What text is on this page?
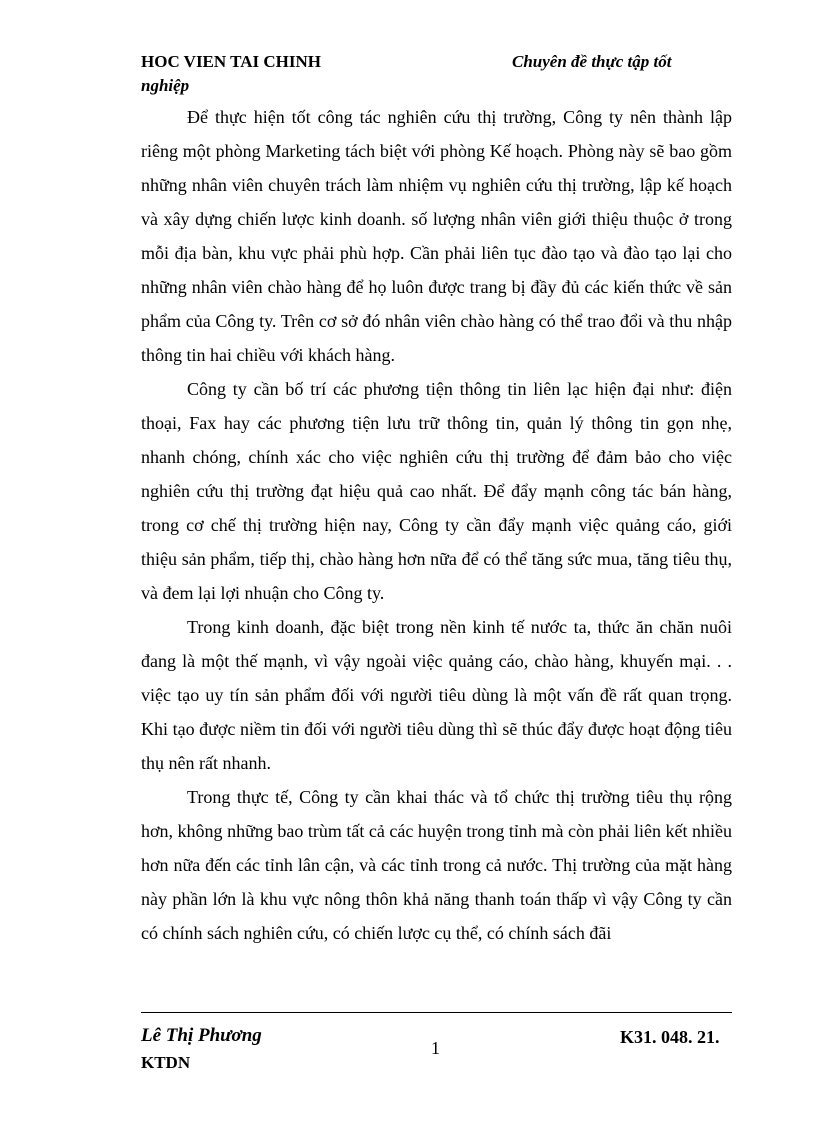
HOC VIEN TAI CHINH	Chuyên đề thực tập tốt
nghiệp

Để thực hiện tốt công tác nghiên cứu thị trường, Công ty nên thành lập riêng một phòng Marketing tách biệt với phòng Kế hoạch. Phòng này sẽ bao gồm những nhân viên chuyên trách làm nhiệm vụ nghiên cứu thị trường, lập kế hoạch và xây dựng chiến lược kinh doanh. số lượng nhân viên giới thiệu thuộc ở trong mỗi địa bàn, khu vực phải phù hợp. Cần phải liên tục đào tạo và đào tạo lại cho những nhân viên chào hàng để họ luôn được trang bị đầy đủ các kiến thức về sản phẩm của Công ty. Trên cơ sở đó nhân viên chào hàng có thể trao đổi và thu nhập thông tin hai chiều với khách hàng.

Công ty cần bố trí các phương tiện thông tin liên lạc hiện đại như: điện thoại, Fax hay các phương tiện lưu trữ thông tin, quản lý thông tin gọn nhẹ, nhanh chóng, chính xác cho việc nghiên cứu thị trường để đảm bảo cho việc nghiên cứu thị trường đạt hiệu quả cao nhất. Để đẩy mạnh công tác bán hàng, trong cơ chế thị trường hiện nay, Công ty cần đẩy mạnh việc quảng cáo, giới thiệu sản phẩm, tiếp thị, chào hàng hơn nữa để có thể tăng sức mua, tăng tiêu thụ, và đem lại lợi nhuận cho Công ty.

Trong kinh doanh, đặc biệt trong nền kinh tế nước ta, thức ăn chăn nuôi đang là một thế mạnh, vì vậy ngoài việc quảng cáo, chào hàng, khuyến mại. . . việc tạo uy tín sản phẩm đối với người tiêu dùng là một vấn đề rất quan trọng. Khi tạo được niềm tin đối với người tiêu dùng thì sẽ thúc đẩy được hoạt động tiêu thụ nên rất nhanh.

Trong thực tế, Công ty cần khai thác và tổ chức thị trường tiêu thụ rộng hơn, không những bao trùm tất cả các huyện trong tỉnh mà còn phải liên kết nhiều hơn nữa đến các tỉnh lân cận, và các tỉnh trong cả nước. Thị trường của mặt hàng này phần lớn là khu vực nông thôn khả năng thanh toán thấp vì vậy Công ty cần có chính sách nghiên cứu, có chiến lược cụ thể, có chính sách đãi

Lê Thị Phương
1
K31. 048. 21.
KTDN
